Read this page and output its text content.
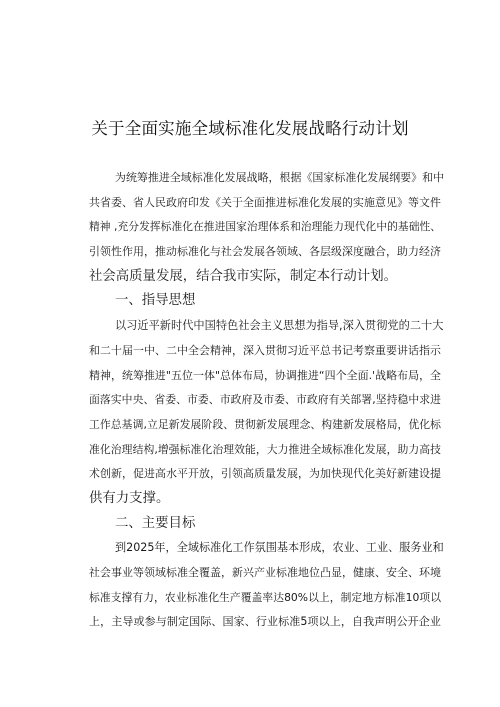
关于全面实施全域标准化发展战略行动计划
为统筹推进全域标准化发展战略，根据《国家标准化发展纲要》和中
共省委、省人民政府印发《关于全面推进标准化发展的实施意见》等文件
精神 ,充分发挥标准化在推进国家治理体系和治理能力现代化中的基础性、
引领性作用，推动标准化与社会发展各领域、各层级深度融合，助力经济
社会高质量发展，结合我市实际，制定本行动计划。
一、指导思想
以习近平新时代中国特色社会主义思想为指导,深入贯彻党的二十大
和二十届一中、二中全会精神，深入贯彻习近平总书记考察重要讲话指示
精神，统筹推进"五位一体"总体布局，协调推进“四个全面.'战略布局，全
面落实中央、省委、市委、市政府及市委、市政府有关部署,坚持稳中求进
工作总基调,立足新发展阶段、贯彻新发展理念、构建新发展格局，优化标
准化治理结构,增强标准化治理效能，大力推进全域标准化发展，助力高技
术创新，促进高水平开放，引领高质量发展，为加快现代化美好新建设提
供有力支撑。
二、主要目标
到2025年，全域标准化工作氛围基本形成，农业、工业、服务业和
社会事业等领域标准全覆盖，新兴产业标准地位凸显，健康、安全、环境
标准支撑有力，农业标准化生产覆盖率达80%以上，制定地方标准10项以
上，主导或参与制定国际、国家、行业标准5项以上，自我声明公开企业
